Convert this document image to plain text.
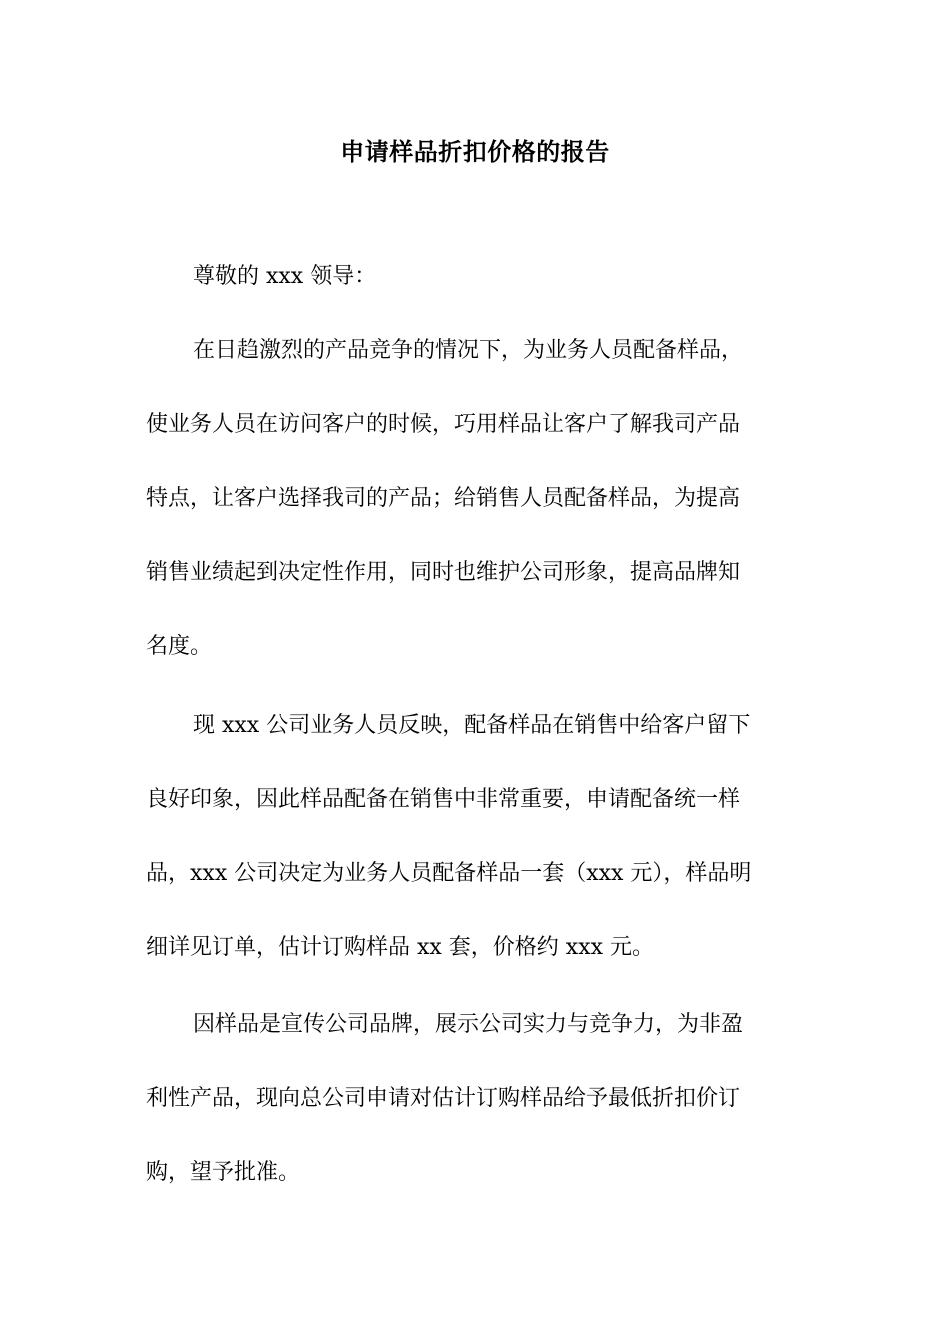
申请样品折扣价格的报告

尊敬的 xxx 领导：

在日趋激烈的产品竞争的情况下，为业务人员配备样品，

使业务人员在访问客户的时候，巧用样品让客户了解我司产品

特点，让客户选择我司的产品；给销售人员配备样品，为提高

销售业绩起到决定性作用，同时也维护公司形象，提高品牌知

名度。

现 xxx 公司业务人员反映，配备样品在销售中给客户留下

良好印象，因此样品配备在销售中非常重要，申请配备统一样

品，xxx 公司决定为业务人员配备样品一套（xxx 元），样品明

细详见订单，估计订购样品 xx 套，价格约 xxx 元。

因样品是宣传公司品牌，展示公司实力与竞争力，为非盈

利性产品，现向总公司申请对估计订购样品给予最低折扣价订

购，望予批准。
